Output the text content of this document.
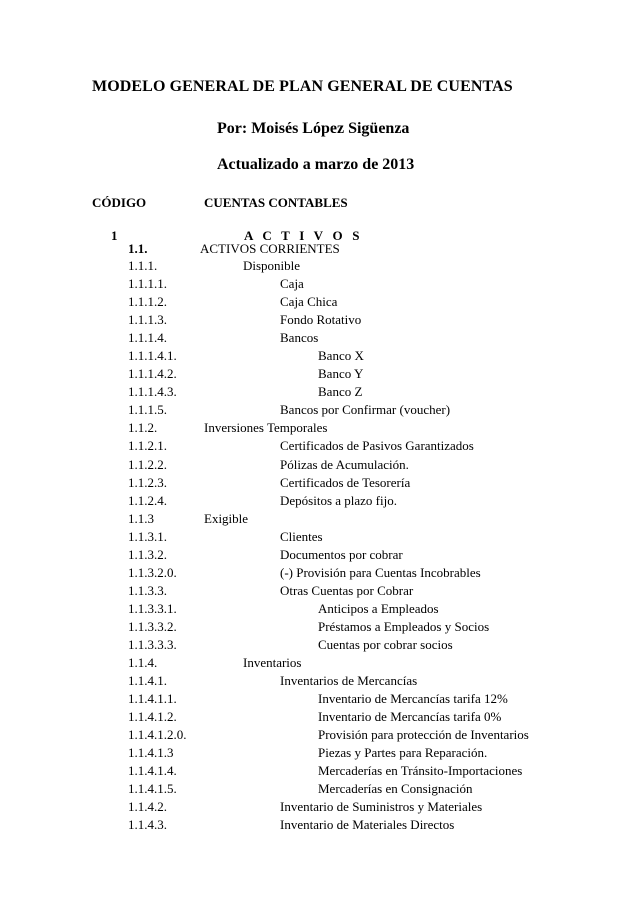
MODELO GENERAL DE PLAN GENERAL DE CUENTAS
Por: Moisés López Sigüenza
Actualizado a marzo de 2013
CÓDIGO	CUENTAS CONTABLES
1	A C T I V O S
1.1.	ACTIVOS CORRIENTES
1.1.1.	Disponible
1.1.1.1.	Caja
1.1.1.2.	Caja Chica
1.1.1.3.	Fondo Rotativo
1.1.1.4.	Bancos
1.1.1.4.1.	Banco X
1.1.1.4.2.	Banco Y
1.1.1.4.3.	Banco Z
1.1.1.5.	Bancos por Confirmar (voucher)
1.1.2.	Inversiones Temporales
1.1.2.1.	Certificados de Pasivos Garantizados
1.1.2.2.	Pólizas de Acumulación.
1.1.2.3.	Certificados de Tesorería
1.1.2.4.	Depósitos a plazo fijo.
1.1.3	Exigible
1.1.3.1.	Clientes
1.1.3.2.	Documentos por cobrar
1.1.3.2.0.	(-) Provisión para Cuentas Incobrables
1.1.3.3.	Otras Cuentas por Cobrar
1.1.3.3.1.	Anticipos a Empleados
1.1.3.3.2.	Préstamos a Empleados y Socios
1.1.3.3.3.	Cuentas por cobrar socios
1.1.4.	Inventarios
1.1.4.1.	Inventarios de Mercancías
1.1.4.1.1.	Inventario de Mercancías tarifa 12%
1.1.4.1.2.	Inventario de Mercancías tarifa 0%
1.1.4.1.2.0.	Provisión para protección de Inventarios
1.1.4.1.3	Piezas y Partes para Reparación.
1.1.4.1.4.	Mercaderías en Tránsito-Importaciones
1.1.4.1.5.	Mercaderías en Consignación
1.1.4.2.	Inventario de Suministros y Materiales
1.1.4.3.	Inventario de Materiales Directos
